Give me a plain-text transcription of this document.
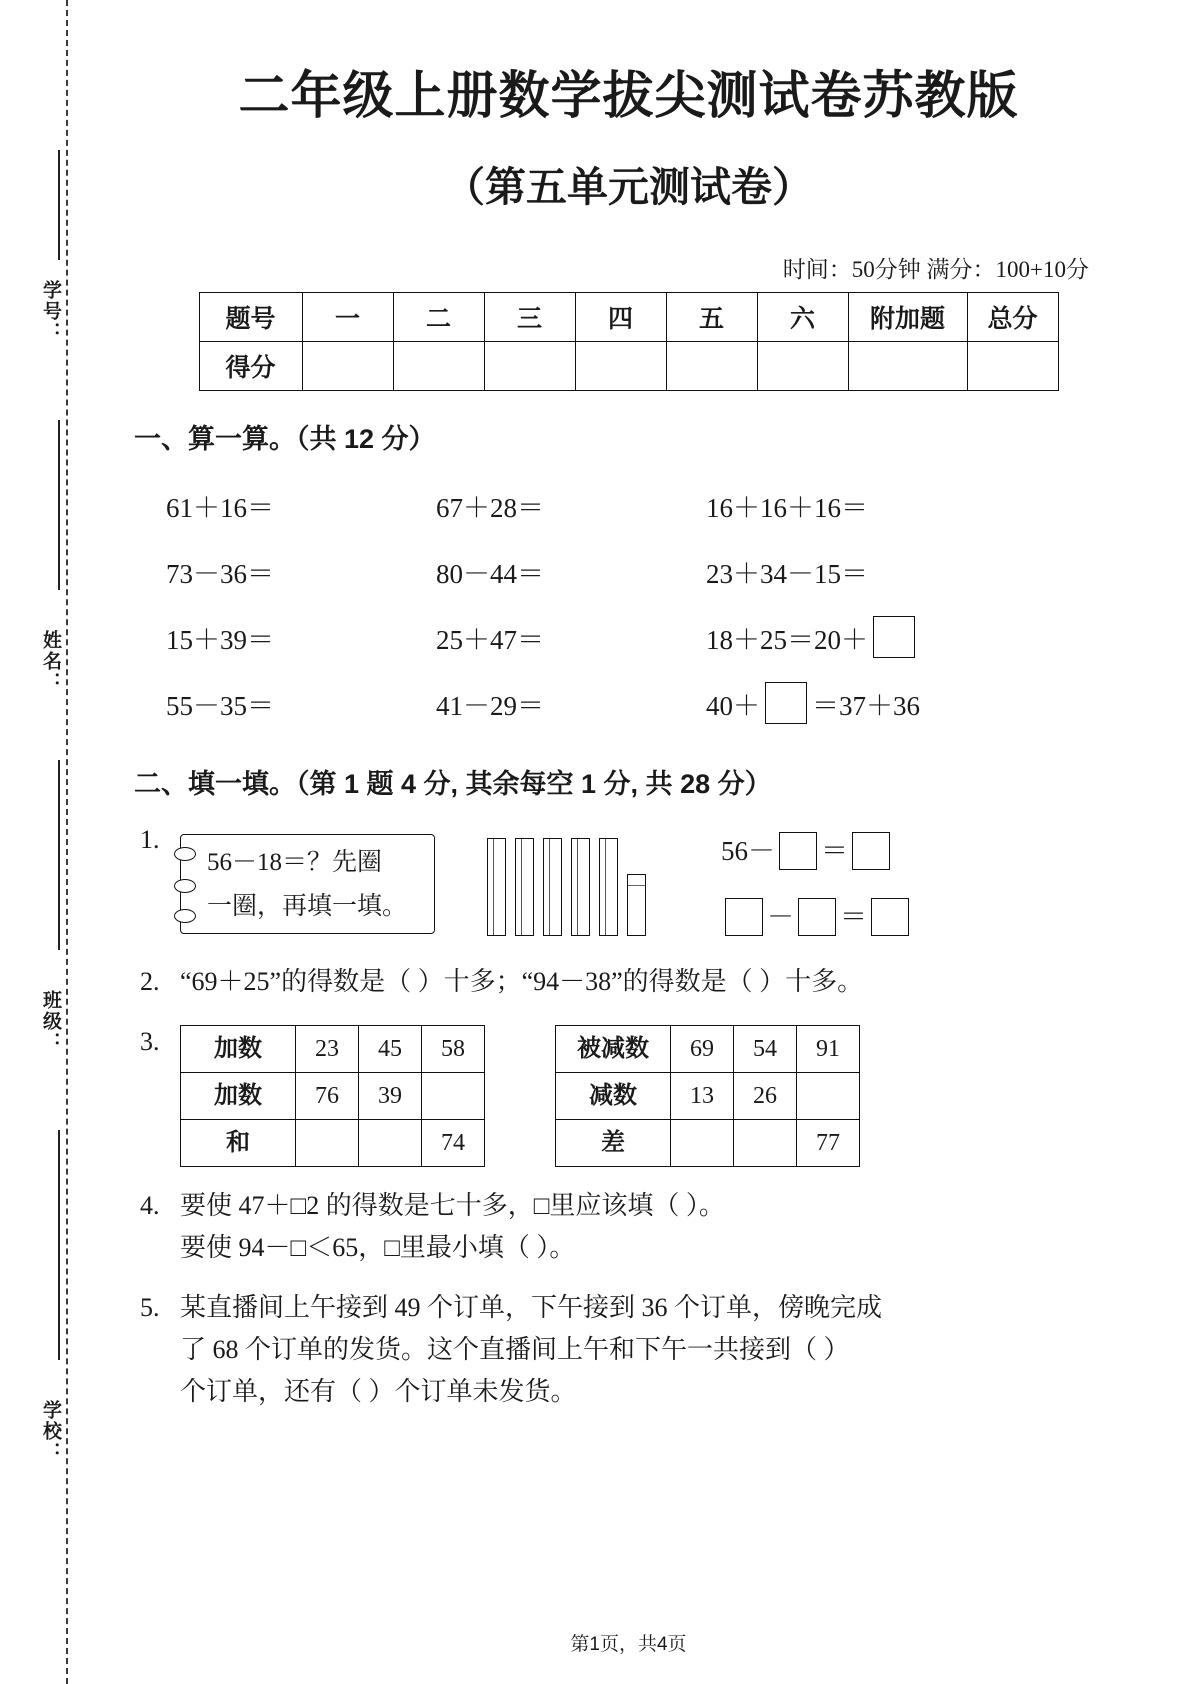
学号：
姓名：
班级：
学校：
二年级上册数学拔尖测试卷苏教版
（第五单元测试卷）
时间：50分钟 满分：100+10分
题号	一	二	三	四	五	六	附加题	总分
得分								
一、算一算。（共 12 分）
61＋16＝	67＋28＝	16＋16＋16＝
73－36＝	80－44＝	23＋34－15＝
15＋39＝	25＋47＝	18＋25＝20＋
55－35＝	41－29＝	40＋ ＝37＋36
二、填一填。（第 1 题 4 分, 其余每空 1 分, 共 28 分）
1.
56－18＝？先圈
一圈，再填一填。
56－ ＝
－ ＝
2. “69＋25”的得数是（ ）十多；“94－38”的得数是（ ）十多。
3.	加数	23	45	58
加数	76	39	
和			74
被减数	69	54	91
减数	13	26	
差			77
4. 要使 47＋□2 的得数是七十多，□里应该填（ ）。
要使 94－□＜65，□里最小填（ ）。
5. 某直播间上午接到 49 个订单，下午接到 36 个订单，傍晚完成
了 68 个订单的发货。这个直播间上午和下午一共接到（ ）
个订单，还有（ ）个订单未发货。
第1页，共4页
